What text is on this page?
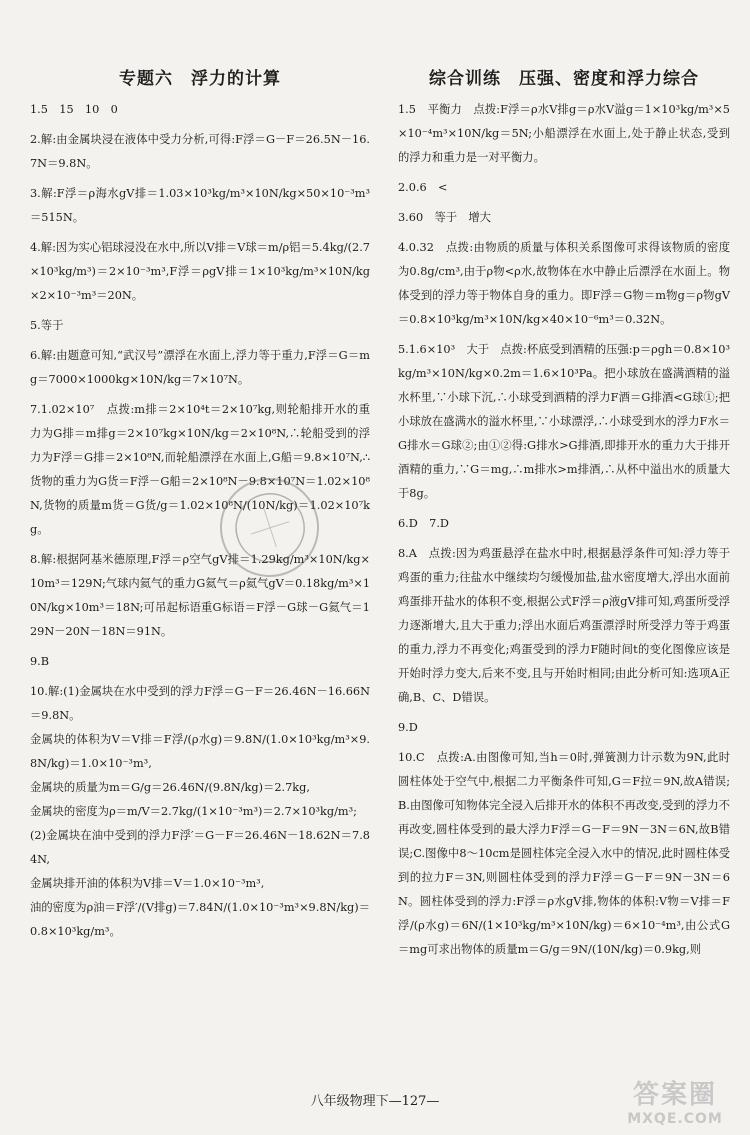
专题六　浮力的计算

1.5　15　10　0

2.解:由金属块浸在液体中受力分析,可得:F浮＝G－F＝26.5N－16.7N＝9.8N。

3.解:F浮＝ρ海水gV排＝1.03×10³kg/m³×10N/kg×50×10⁻³m³＝515N。

4.解:因为实心铝球浸没在水中,所以V排＝V球＝m/ρ铝＝5.4kg/(2.7×10³kg/m³)＝2×10⁻³m³,F浮＝ρgV排＝1×10³kg/m³×10N/kg×2×10⁻³m³＝20N。

5.等于

6.解:由题意可知,“武汉号”漂浮在水面上,浮力等于重力,F浮＝G＝mg＝7000×1000kg×10N/kg＝7×10⁷N。

7.1.02×10⁷　点拨:m排＝2×10⁴t＝2×10⁷kg,则轮船排开水的重力为G排＝m排g＝2×10⁷kg×10N/kg＝2×10⁸N,∴轮船受到的浮力为F浮＝G排＝2×10⁸N,而轮船漂浮在水面上,G船＝9.8×10⁷N,∴货物的重力为G货＝F浮－G船＝2×10⁸N－9.8×10⁷N＝1.02×10⁸N,货物的质量m货＝G货/g＝1.02×10⁸N/(10N/kg)＝1.02×10⁷kg。

8.解:根据阿基米德原理,F浮＝ρ空气gV排＝1.29kg/m³×10N/kg×10m³＝129N;气球内氦气的重力G氦气＝ρ氦气gV＝0.18kg/m³×10N/kg×10m³＝18N;可吊起标语重G标语＝F浮－G球－G氦气＝129N－20N－18N＝91N。

9.B

10.解:(1)金属块在水中受到的浮力F浮＝G－F＝26.46N－16.66N＝9.8N。

金属块的体积为V＝V排＝F浮/(ρ水g)＝9.8N/(1.0×10³kg/m³×9.8N/kg)＝1.0×10⁻³m³,

金属块的质量为m＝G/g＝26.46N/(9.8N/kg)＝2.7kg,

金属块的密度为ρ＝m/V＝2.7kg/(1×10⁻³m³)＝2.7×10³kg/m³;

(2)金属块在油中受到的浮力F浮′＝G－F＝26.46N－18.62N＝7.84N,

金属块排开油的体积为V排＝V＝1.0×10⁻³m³,

油的密度为ρ油＝F浮′/(V排g)＝7.84N/(1.0×10⁻³m³×9.8N/kg)＝0.8×10³kg/m³。

综合训练　压强、密度和浮力综合

1.5　平衡力　点拨:F浮＝ρ水V排g＝ρ水V溢g＝1×10³kg/m³×5×10⁻⁴m³×10N/kg＝5N;小船漂浮在水面上,处于静止状态,受到的浮力和重力是一对平衡力。

2.0.6　<

3.60　等于　增大

4.0.32　点拨:由物质的质量与体积关系图像可求得该物质的密度为0.8g/cm³,由于ρ物<ρ水,故物体在水中静止后漂浮在水面上。物体受到的浮力等于物体自身的重力。即F浮＝G物＝m物g＝ρ物gV＝0.8×10³kg/m³×10N/kg×40×10⁻⁶m³＝0.32N。

5.1.6×10³　大于　点拨:杯底受到酒精的压强:p＝ρgh＝0.8×10³kg/m³×10N/kg×0.2m＝1.6×10³Pa。把小球放在盛满酒精的溢水杯里,∵小球下沉,∴小球受到酒精的浮力F酒＝G排酒<G球①;把小球放在盛满水的溢水杯里,∵小球漂浮,∴小球受到水的浮力F水＝G排水＝G球②;由①②得:G排水>G排酒,即排开水的重力大于排开酒精的重力,∵G＝mg,∴m排水>m排酒,∴从杯中溢出水的质量大于8g。

6.D　7.D

8.A　点拨:因为鸡蛋悬浮在盐水中时,根据悬浮条件可知:浮力等于鸡蛋的重力;往盐水中继续均匀缓慢加盐,盐水密度增大,浮出水面前鸡蛋排开盐水的体积不变,根据公式F浮＝ρ液gV排可知,鸡蛋所受浮力逐渐增大,且大于重力;浮出水面后鸡蛋漂浮时所受浮力等于鸡蛋的重力,浮力不再变化;鸡蛋受到的浮力F随时间t的变化图像应该是开始时浮力变大,后来不变,且与开始时相同;由此分析可知:选项A正确,B、C、D错误。

9.D

10.C　点拨:A.由图像可知,当h＝0时,弹簧测力计示数为9N,此时圆柱体处于空气中,根据二力平衡条件可知,G＝F拉＝9N,故A错误;B.由图像可知物体完全浸入后排开水的体积不再改变,受到的浮力不再改变,圆柱体受到的最大浮力F浮＝G－F＝9N－3N＝6N,故B错误;C.图像中8～10cm是圆柱体完全浸入水中的情况,此时圆柱体受到的拉力F＝3N,则圆柱体受到的浮力F浮＝G－F＝9N－3N＝6N。圆柱体受到的浮力:F浮＝ρ水gV排,物体的体积:V物＝V排＝F浮/(ρ水g)＝6N/(1×10³kg/m³×10N/kg)＝6×10⁻⁴m³,由公式G＝mg可求出物体的质量m＝G/g＝9N/(10N/kg)＝0.9kg,则

八年级物理下—127—	答案圈
MXQE.COM
